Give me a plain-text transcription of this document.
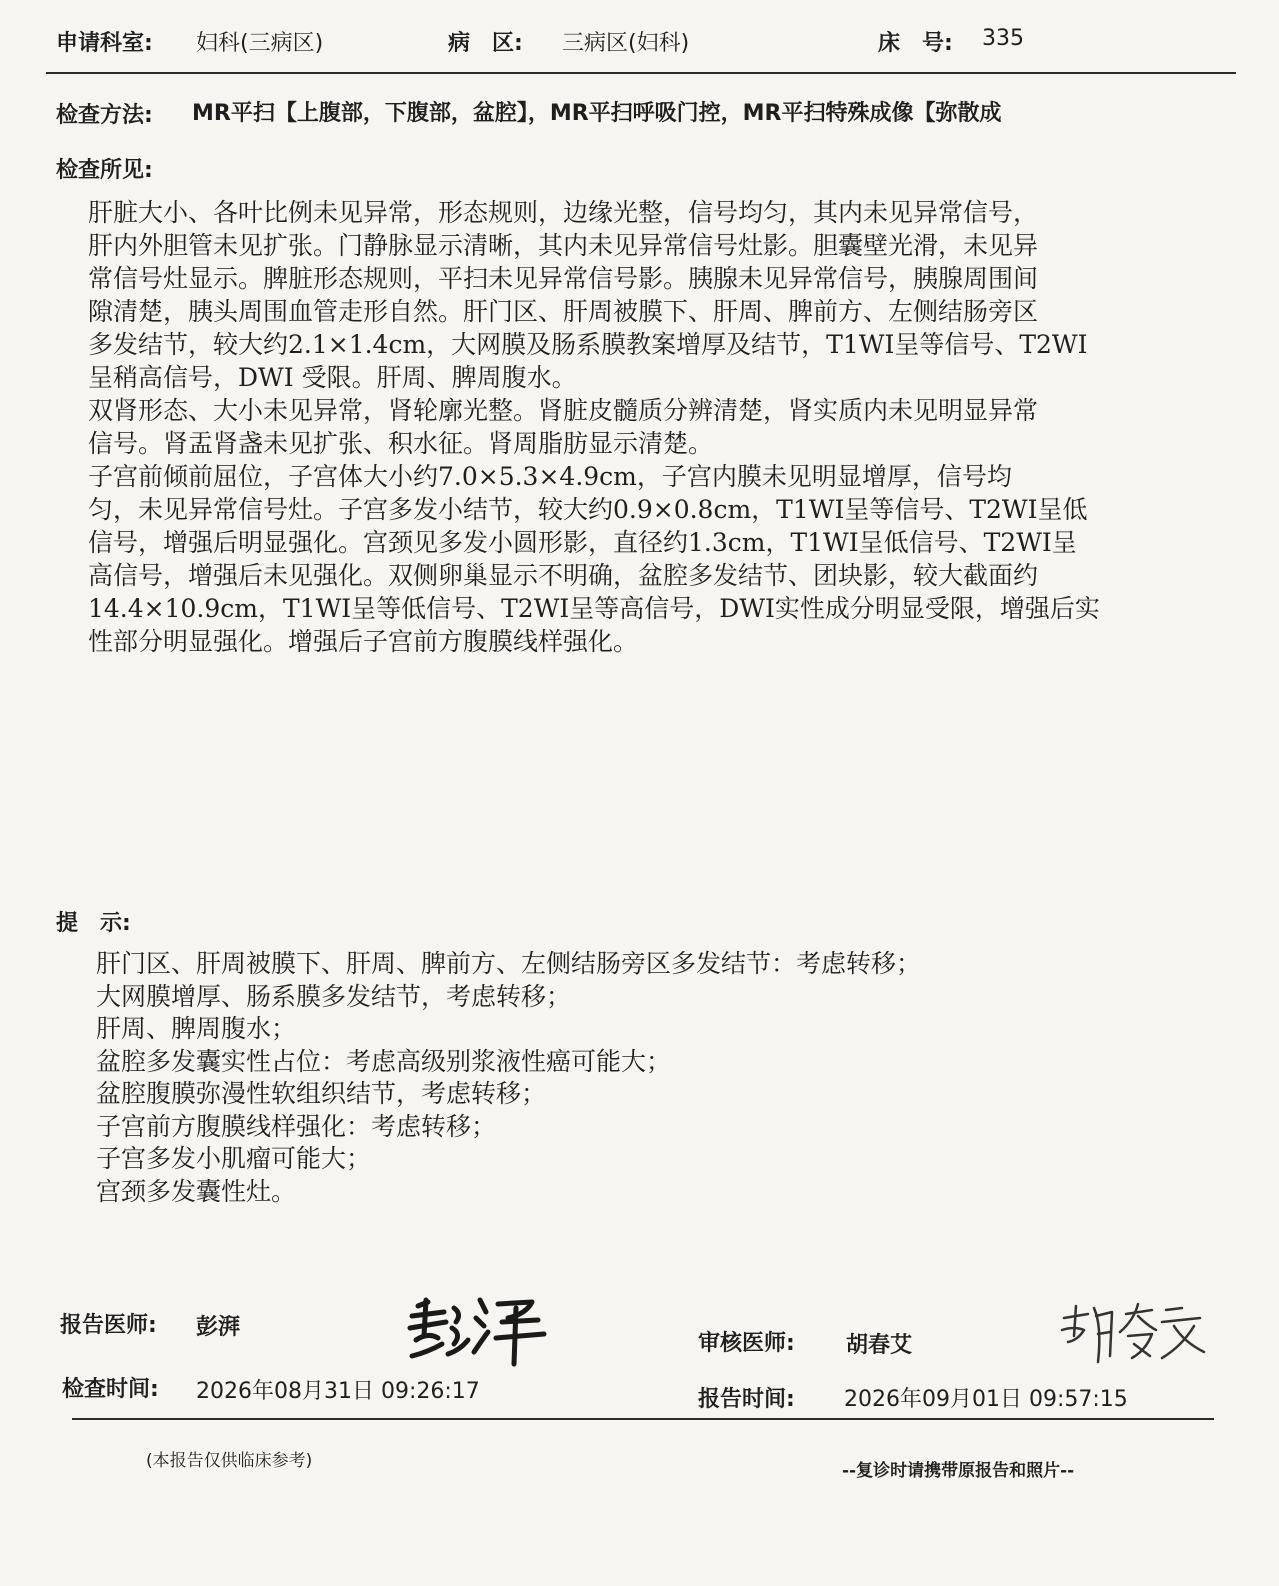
申请科室: 妇科(三病区)	病　区: 三病区(妇科)	床　号: 335
检查方法: MR平扫【上腹部，下腹部，盆腔】，MR平扫呼吸门控，MR平扫特殊成像【弥散成
检查所见:

肝脏大小、各叶比例未见异常，形态规则，边缘光整，信号均匀，其内未见异常信号，

肝内外胆管未见扩张。门静脉显示清晰，其内未见异常信号灶影。胆囊壁光滑，未见异

常信号灶显示。脾脏形态规则，平扫未见异常信号影。胰腺未见异常信号，胰腺周围间

隙清楚，胰头周围血管走形自然。肝门区、肝周被膜下、肝周、脾前方、左侧结肠旁区

多发结节，较大约2.1×1.4cm，大网膜及肠系膜教案增厚及结节，T1WI呈等信号、T2WI

呈稍高信号，DWI 受限。肝周、脾周腹水。

双肾形态、大小未见异常，肾轮廓光整。肾脏皮髓质分辨清楚，肾实质内未见明显异常

信号。肾盂肾盏未见扩张、积水征。肾周脂肪显示清楚。

子宫前倾前屈位，子宫体大小约7.0×5.3×4.9cm，子宫内膜未见明显增厚，信号均

匀，未见异常信号灶。子宫多发小结节，较大约0.9×0.8cm，T1WI呈等信号、T2WI呈低

信号，增强后明显强化。宫颈见多发小圆形影，直径约1.3cm，T1WI呈低信号、T2WI呈

高信号，增强后未见强化。双侧卵巢显示不明确，盆腔多发结节、团块影，较大截面约

14.4×10.9cm，T1WI呈等低信号、T2WI呈等高信号，DWI实性成分明显受限，增强后实

性部分明显强化。增强后子宫前方腹膜线样强化。

提　示:

肝门区、肝周被膜下、肝周、脾前方、左侧结肠旁区多发结节：考虑转移；

大网膜增厚、肠系膜多发结节，考虑转移；

肝周、脾周腹水；

盆腔多发囊实性占位：考虑高级别浆液性癌可能大；

盆腔腹膜弥漫性软组织结节，考虑转移；

子宫前方腹膜线样强化：考虑转移；

子宫多发小肌瘤可能大；

宫颈多发囊性灶。

报告医师: 彭湃
审核医师: 胡春艾
检查时间: 2026年08月31日 09:26:17	报告时间: 2026年09月01日 09:57:15
(本报告仅供临床参考)	--复诊时请携带原报告和照片--
